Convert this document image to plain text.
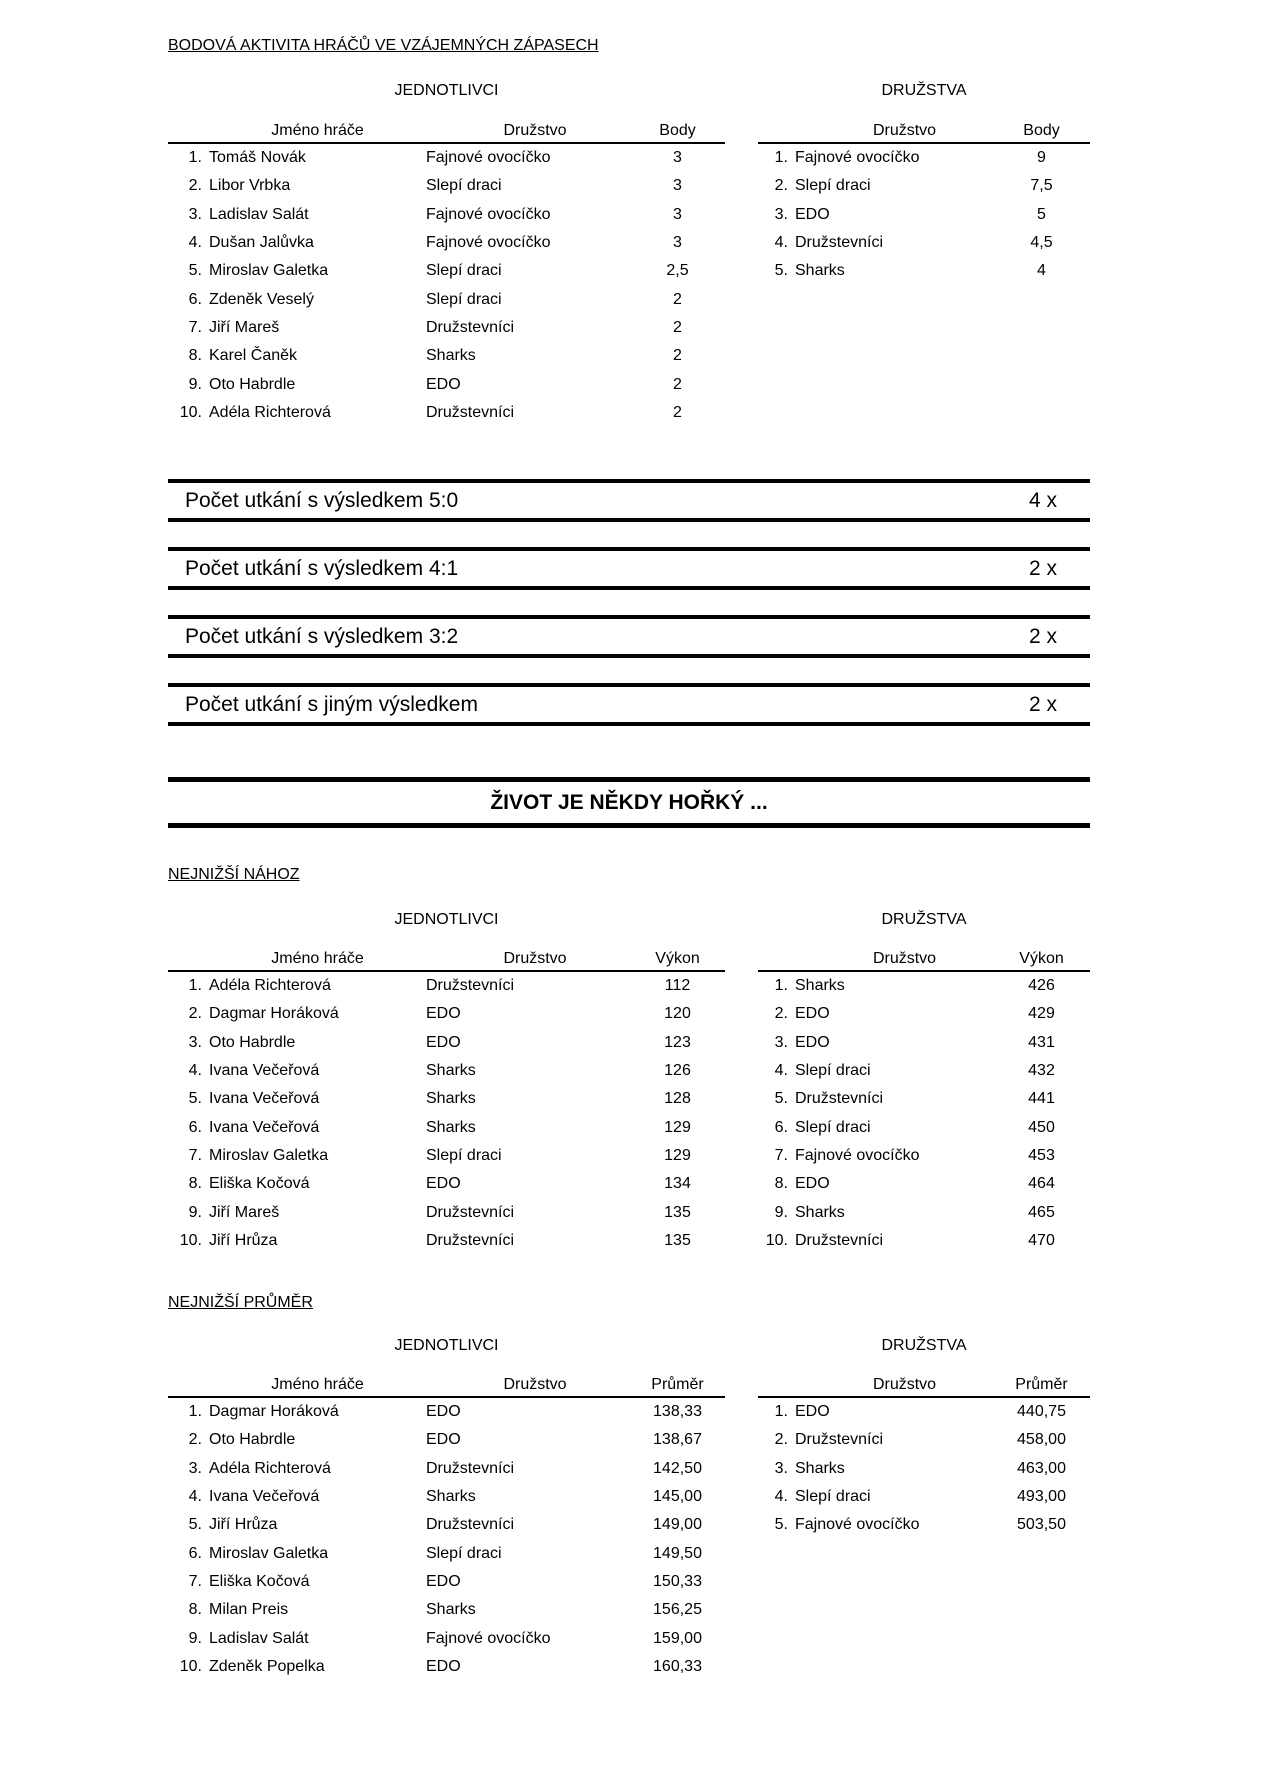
BODOVÁ AKTIVITA HRÁČŮ VE VZÁJEMNÝCH ZÁPASECH
JEDNOTLIVCI	DRUŽSTVA
Jméno hráče	Družstvo	Body
1. Tomáš Novák	Fajnové ovocíčko	3
2. Libor Vrbka	Slepí draci	3
3. Ladislav Salát	Fajnové ovocíčko	3
4. Dušan Jalůvka	Fajnové ovocíčko	3
5. Miroslav Galetka	Slepí draci	2,5
6. Zdeněk Veselý	Slepí draci	2
7. Jiří Mareš	Družstevníci	2
8. Karel Čaněk	Sharks	2
9. Oto Habrdle	EDO	2
10. Adéla Richterová	Družstevníci	2
Družstvo	Body
1. Fajnové ovocíčko	9
2. Slepí draci	7,5
3. EDO	5
4. Družstevníci	4,5
5. Sharks	4
Počet utkání s výsledkem 5:0	4 x
Počet utkání s výsledkem 4:1	2 x
Počet utkání s výsledkem 3:2	2 x
Počet utkání s jiným výsledkem	2 x
ŽIVOT JE NĚKDY HOŘKÝ ...
NEJNIŽŠÍ NÁHOZ
JEDNOTLIVCI	DRUŽSTVA
Jméno hráče	Družstvo	Výkon
1. Adéla Richterová	Družstevníci	112
2. Dagmar Horáková	EDO	120
3. Oto Habrdle	EDO	123
4. Ivana Večeřová	Sharks	126
5. Ivana Večeřová	Sharks	128
6. Ivana Večeřová	Sharks	129
7. Miroslav Galetka	Slepí draci	129
8. Eliška Kočová	EDO	134
9. Jiří Mareš	Družstevníci	135
10. Jiří Hrůza	Družstevníci	135
Družstvo	Výkon
1. Sharks	426
2. EDO	429
3. EDO	431
4. Slepí draci	432
5. Družstevníci	441
6. Slepí draci	450
7. Fajnové ovocíčko	453
8. EDO	464
9. Sharks	465
10. Družstevníci	470
NEJNIŽŠÍ PRŮMĚR
JEDNOTLIVCI	DRUŽSTVA
Jméno hráče	Družstvo	Průměr
1. Dagmar Horáková	EDO	138,33
2. Oto Habrdle	EDO	138,67
3. Adéla Richterová	Družstevníci	142,50
4. Ivana Večeřová	Sharks	145,00
5. Jiří Hrůza	Družstevníci	149,00
6. Miroslav Galetka	Slepí draci	149,50
7. Eliška Kočová	EDO	150,33
8. Milan Preis	Sharks	156,25
9. Ladislav Salát	Fajnové ovocíčko	159,00
10. Zdeněk Popelka	EDO	160,33
Družstvo	Průměr
1. EDO	440,75
2. Družstevníci	458,00
3. Sharks	463,00
4. Slepí draci	493,00
5. Fajnové ovocíčko	503,50
